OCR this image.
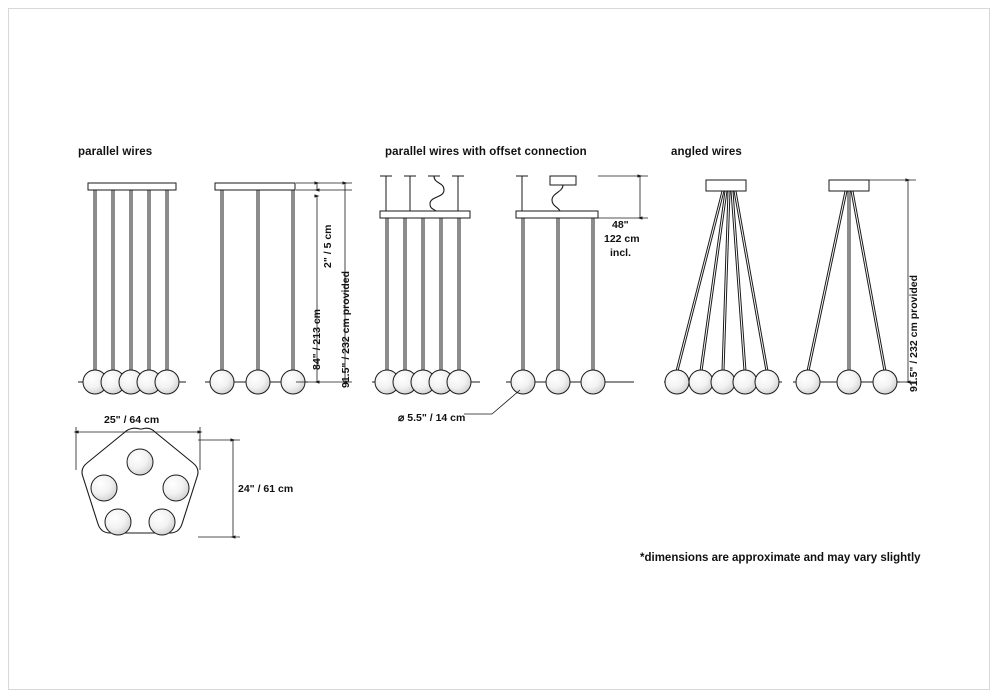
parallel wires	parallel wires with offset connection	angled wires
2" / 5 cm
84" / 213 cm 91.5" / 232 cm provided
48"
122 cm
incl.
⌀ 5.5" / 14 cm
25" / 64 cm
24" / 61 cm
91.5" / 232 cm provided
*dimensions are approximate and may vary slightly
